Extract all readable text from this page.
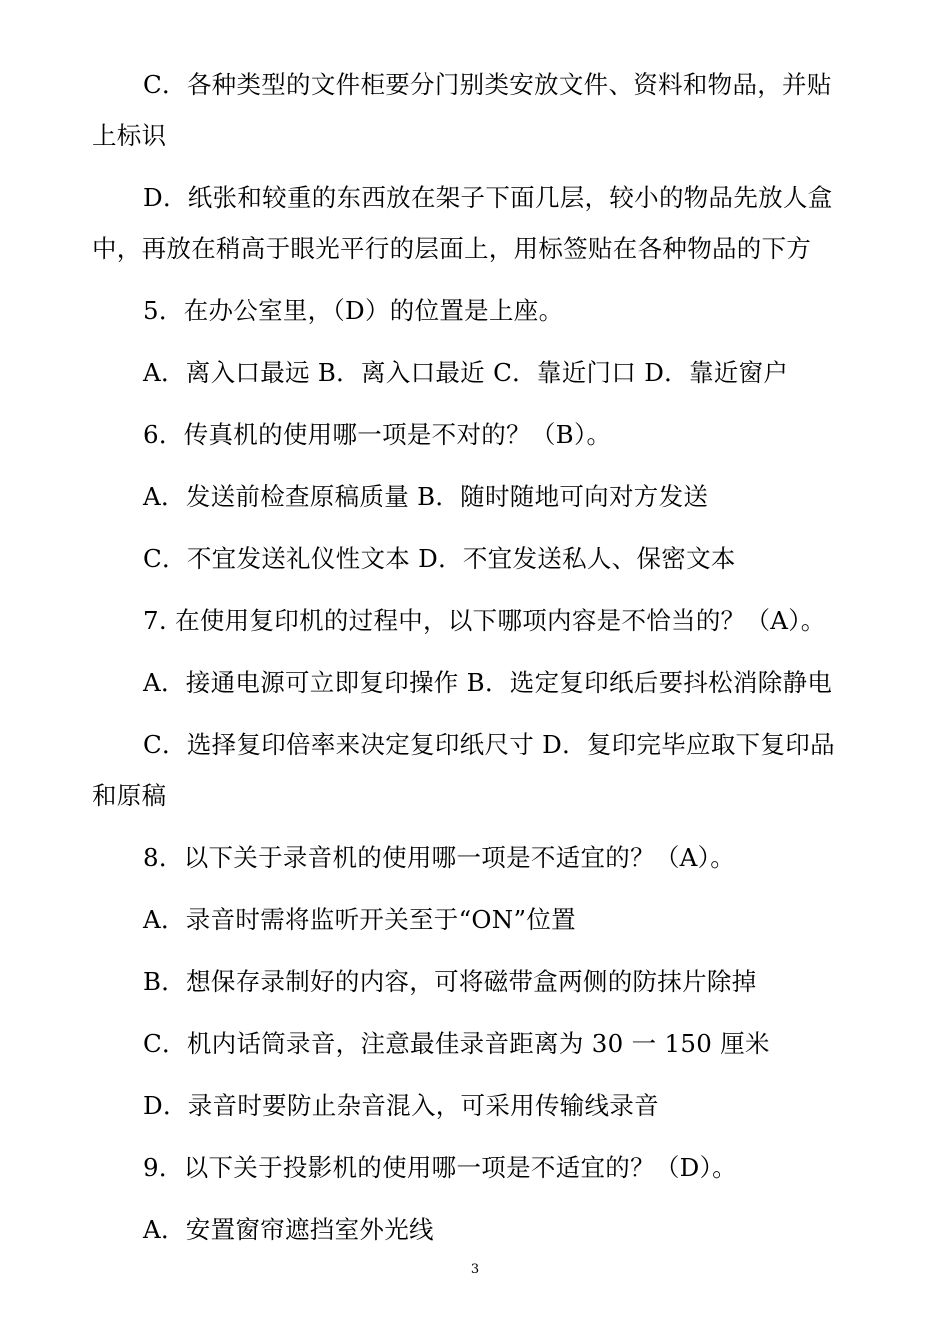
C．各种类型的文件柜要分门别类安放文件、资料和物品，并贴
上标识
D．纸张和较重的东西放在架子下面几层，较小的物品先放人盒
中，再放在稍高于眼光平行的层面上，用标签贴在各种物品的下方
5．在办公室里，（D）的位置是上座。
A．离入口最远 B．离入口最近 C．靠近门口 D．靠近窗户
6．传真机的使用哪一项是不对的？（B）。
A．发送前检查原稿质量 B．随时随地可向对方发送
C．不宜发送礼仪性文本 D．不宜发送私人、保密文本
7. 在使用复印机的过程中，以下哪项内容是不恰当的？（A）。
A．接通电源可立即复印操作 B．选定复印纸后要抖松消除静电
C．选择复印倍率来决定复印纸尺寸 D．复印完毕应取下复印品
和原稿
8．以下关于录音机的使用哪一项是不适宜的？（A）。
A．录音时需将监听开关至于“ON”位置
B．想保存录制好的内容，可将磁带盒两侧的防抹片除掉
C．机内话筒录音，注意最佳录音距离为 30 一 150 厘米
D．录音时要防止杂音混入，可采用传输线录音
9．以下关于投影机的使用哪一项是不适宜的？（D）。
A．安置窗帘遮挡室外光线
3
